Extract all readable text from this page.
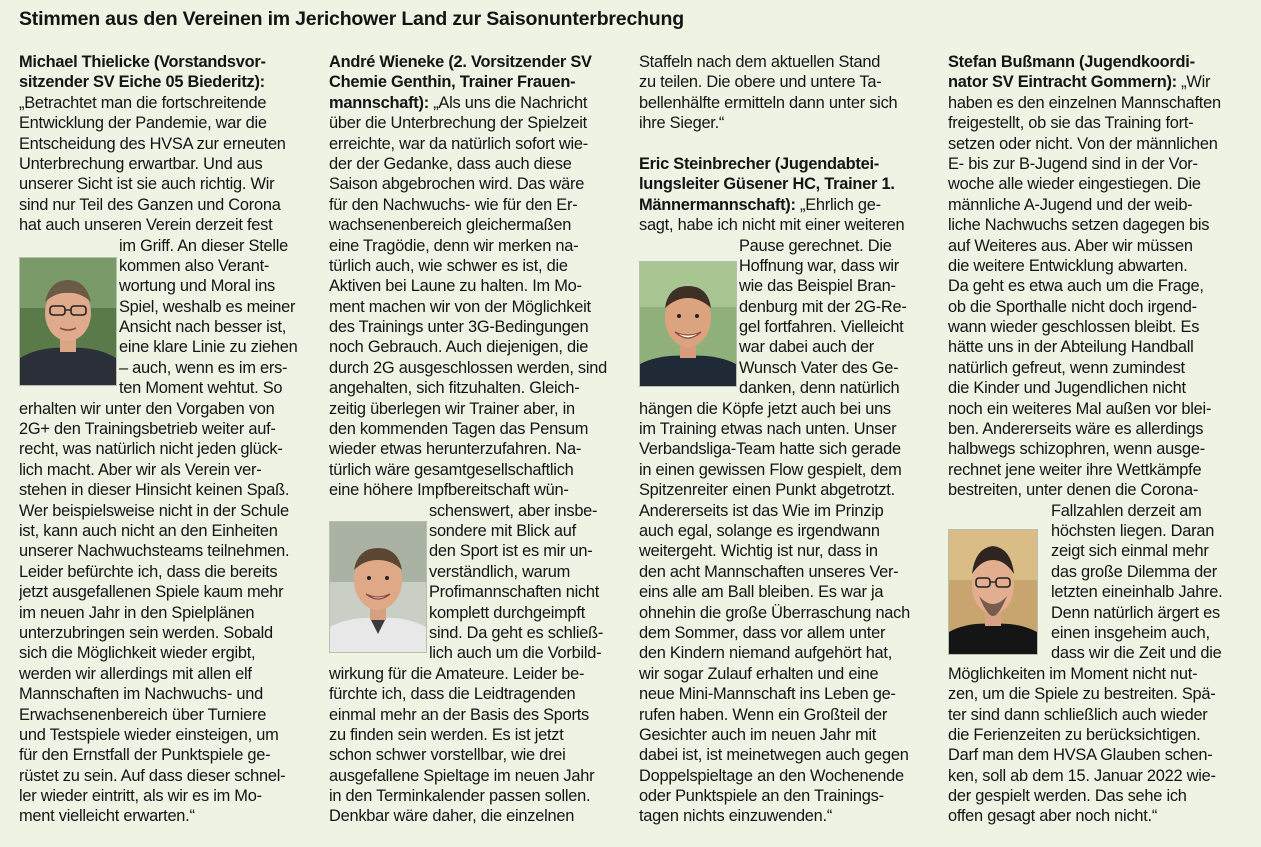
Stimmen aus den Vereinen im Jerichower Land zur Saisonunterbrechung
Michael Thielicke (Vorstandsvor-
sitzender SV Eiche 05 Biederitz):
„Betrachtet man die fortschreitende
Entwicklung der Pandemie, war die
Entscheidung des HVSA zur erneuten
Unterbrechung erwartbar. Und aus
unserer Sicht ist sie auch richtig. Wir
sind nur Teil des Ganzen und Corona
hat auch unseren Verein derzeit fest
im Griff. An dieser Stelle
kommen also Verant-
wortung und Moral ins
Spiel, weshalb es meiner
Ansicht nach besser ist,
eine klare Linie zu ziehen
– auch, wenn es im ers-
ten Moment wehtut. So
erhalten wir unter den Vorgaben von
2G+ den Trainingsbetrieb weiter auf-
recht, was natürlich nicht jeden glück-
lich macht. Aber wir als Verein ver-
stehen in dieser Hinsicht keinen Spaß.
Wer beispielsweise nicht in der Schule
ist, kann auch nicht an den Einheiten
unserer Nachwuchsteams teilnehmen.
Leider befürchte ich, dass die bereits
jetzt ausgefallenen Spiele kaum mehr
im neuen Jahr in den Spielplänen
unterzubringen sein werden. Sobald
sich die Möglichkeit wieder ergibt,
werden wir allerdings mit allen elf
Mannschaften im Nachwuchs- und
Erwachsenenbereich über Turniere
und Testspiele wieder einsteigen, um
für den Ernstfall der Punktspiele ge-
rüstet zu sein. Auf dass dieser schnel-
ler wieder eintritt, als wir es im Mo-
ment vielleicht erwarten.“
André Wieneke (2. Vorsitzender SV
Chemie Genthin, Trainer Frauen-
mannschaft): „Als uns die Nachricht
über die Unterbrechung der Spielzeit
erreichte, war da natürlich sofort wie-
der der Gedanke, dass auch diese
Saison abgebrochen wird. Das wäre
für den Nachwuchs- wie für den Er-
wachsenenbereich gleichermaßen
eine Tragödie, denn wir merken na-
türlich auch, wie schwer es ist, die
Aktiven bei Laune zu halten. Im Mo-
ment machen wir von der Möglichkeit
des Trainings unter 3G-Bedingungen
noch Gebrauch. Auch diejenigen, die
durch 2G ausgeschlossen werden, sind
angehalten, sich fitzuhalten. Gleich-
zeitig überlegen wir Trainer aber, in
den kommenden Tagen das Pensum
wieder etwas herunterzufahren. Na-
türlich wäre gesamtgesellschaftlich
eine höhere Impfbereitschaft wün-
schenswert, aber insbe-
sondere mit Blick auf
den Sport ist es mir un-
verständlich, warum
Profimannschaften nicht
komplett durchgeimpft
sind. Da geht es schließ-
lich auch um die Vorbild-
wirkung für die Amateure. Leider be-
fürchte ich, dass die Leidtragenden
einmal mehr an der Basis des Sports
zu finden sein werden. Es ist jetzt
schon schwer vorstellbar, wie drei
ausgefallene Spieltage im neuen Jahr
in den Terminkalender passen sollen.
Denkbar wäre daher, die einzelnen
Staffeln nach dem aktuellen Stand
zu teilen. Die obere und untere Ta-
bellenhälfte ermitteln dann unter sich
ihre Sieger.“
Eric Steinbrecher (Jugendabtei-
lungsleiter Güsener HC, Trainer 1.
Männermannschaft): „Ehrlich ge-
sagt, habe ich nicht mit einer weiteren
Pause gerechnet. Die
Hoffnung war, dass wir
wie das Beispiel Bran-
denburg mit der 2G-Re-
gel fortfahren. Vielleicht
war dabei auch der
Wunsch Vater des Ge-
danken, denn natürlich
hängen die Köpfe jetzt auch bei uns
im Training etwas nach unten. Unser
Verbandsliga-Team hatte sich gerade
in einen gewissen Flow gespielt, dem
Spitzenreiter einen Punkt abgetrotzt.
Andererseits ist das Wie im Prinzip
auch egal, solange es irgendwann
weitergeht. Wichtig ist nur, dass in
den acht Mannschaften unseres Ver-
eins alle am Ball bleiben. Es war ja
ohnehin die große Überraschung nach
dem Sommer, dass vor allem unter
den Kindern niemand aufgehört hat,
wir sogar Zulauf erhalten und eine
neue Mini-Mannschaft ins Leben ge-
rufen haben. Wenn ein Großteil der
Gesichter auch im neuen Jahr mit
dabei ist, ist meinetwegen auch gegen
Doppelspieltage an den Wochenende
oder Punktspiele an den Trainings-
tagen nichts einzuwenden.“
Stefan Bußmann (Jugendkoordi-
nator SV Eintracht Gommern): „Wir
haben es den einzelnen Mannschaften
freigestellt, ob sie das Training fort-
setzen oder nicht. Von der männlichen
E- bis zur B-Jugend sind in der Vor-
woche alle wieder eingestiegen. Die
männliche A-Jugend und der weib-
liche Nachwuchs setzen dagegen bis
auf Weiteres aus. Aber wir müssen
die weitere Entwicklung abwarten.
Da geht es etwa auch um die Frage,
ob die Sporthalle nicht doch irgend-
wann wieder geschlossen bleibt. Es
hätte uns in der Abteilung Handball
natürlich gefreut, wenn zumindest
die Kinder und Jugendlichen nicht
noch ein weiteres Mal außen vor blei-
ben. Andererseits wäre es allerdings
halbwegs schizophren, wenn ausge-
rechnet jene weiter ihre Wettkämpfe
bestreiten, unter denen die Corona-
Fallzahlen derzeit am
höchsten liegen. Daran
zeigt sich einmal mehr
das große Dilemma der
letzten eineinhalb Jahre.
Denn natürlich ärgert es
einen insgeheim auch,
dass wir die Zeit und die
Möglichkeiten im Moment nicht nut-
zen, um die Spiele zu bestreiten. Spä-
ter sind dann schließlich auch wieder
die Ferienzeiten zu berücksichtigen.
Darf man dem HVSA Glauben schen-
ken, soll ab dem 15. Januar 2022 wie-
der gespielt werden. Das sehe ich
offen gesagt aber noch nicht.“
